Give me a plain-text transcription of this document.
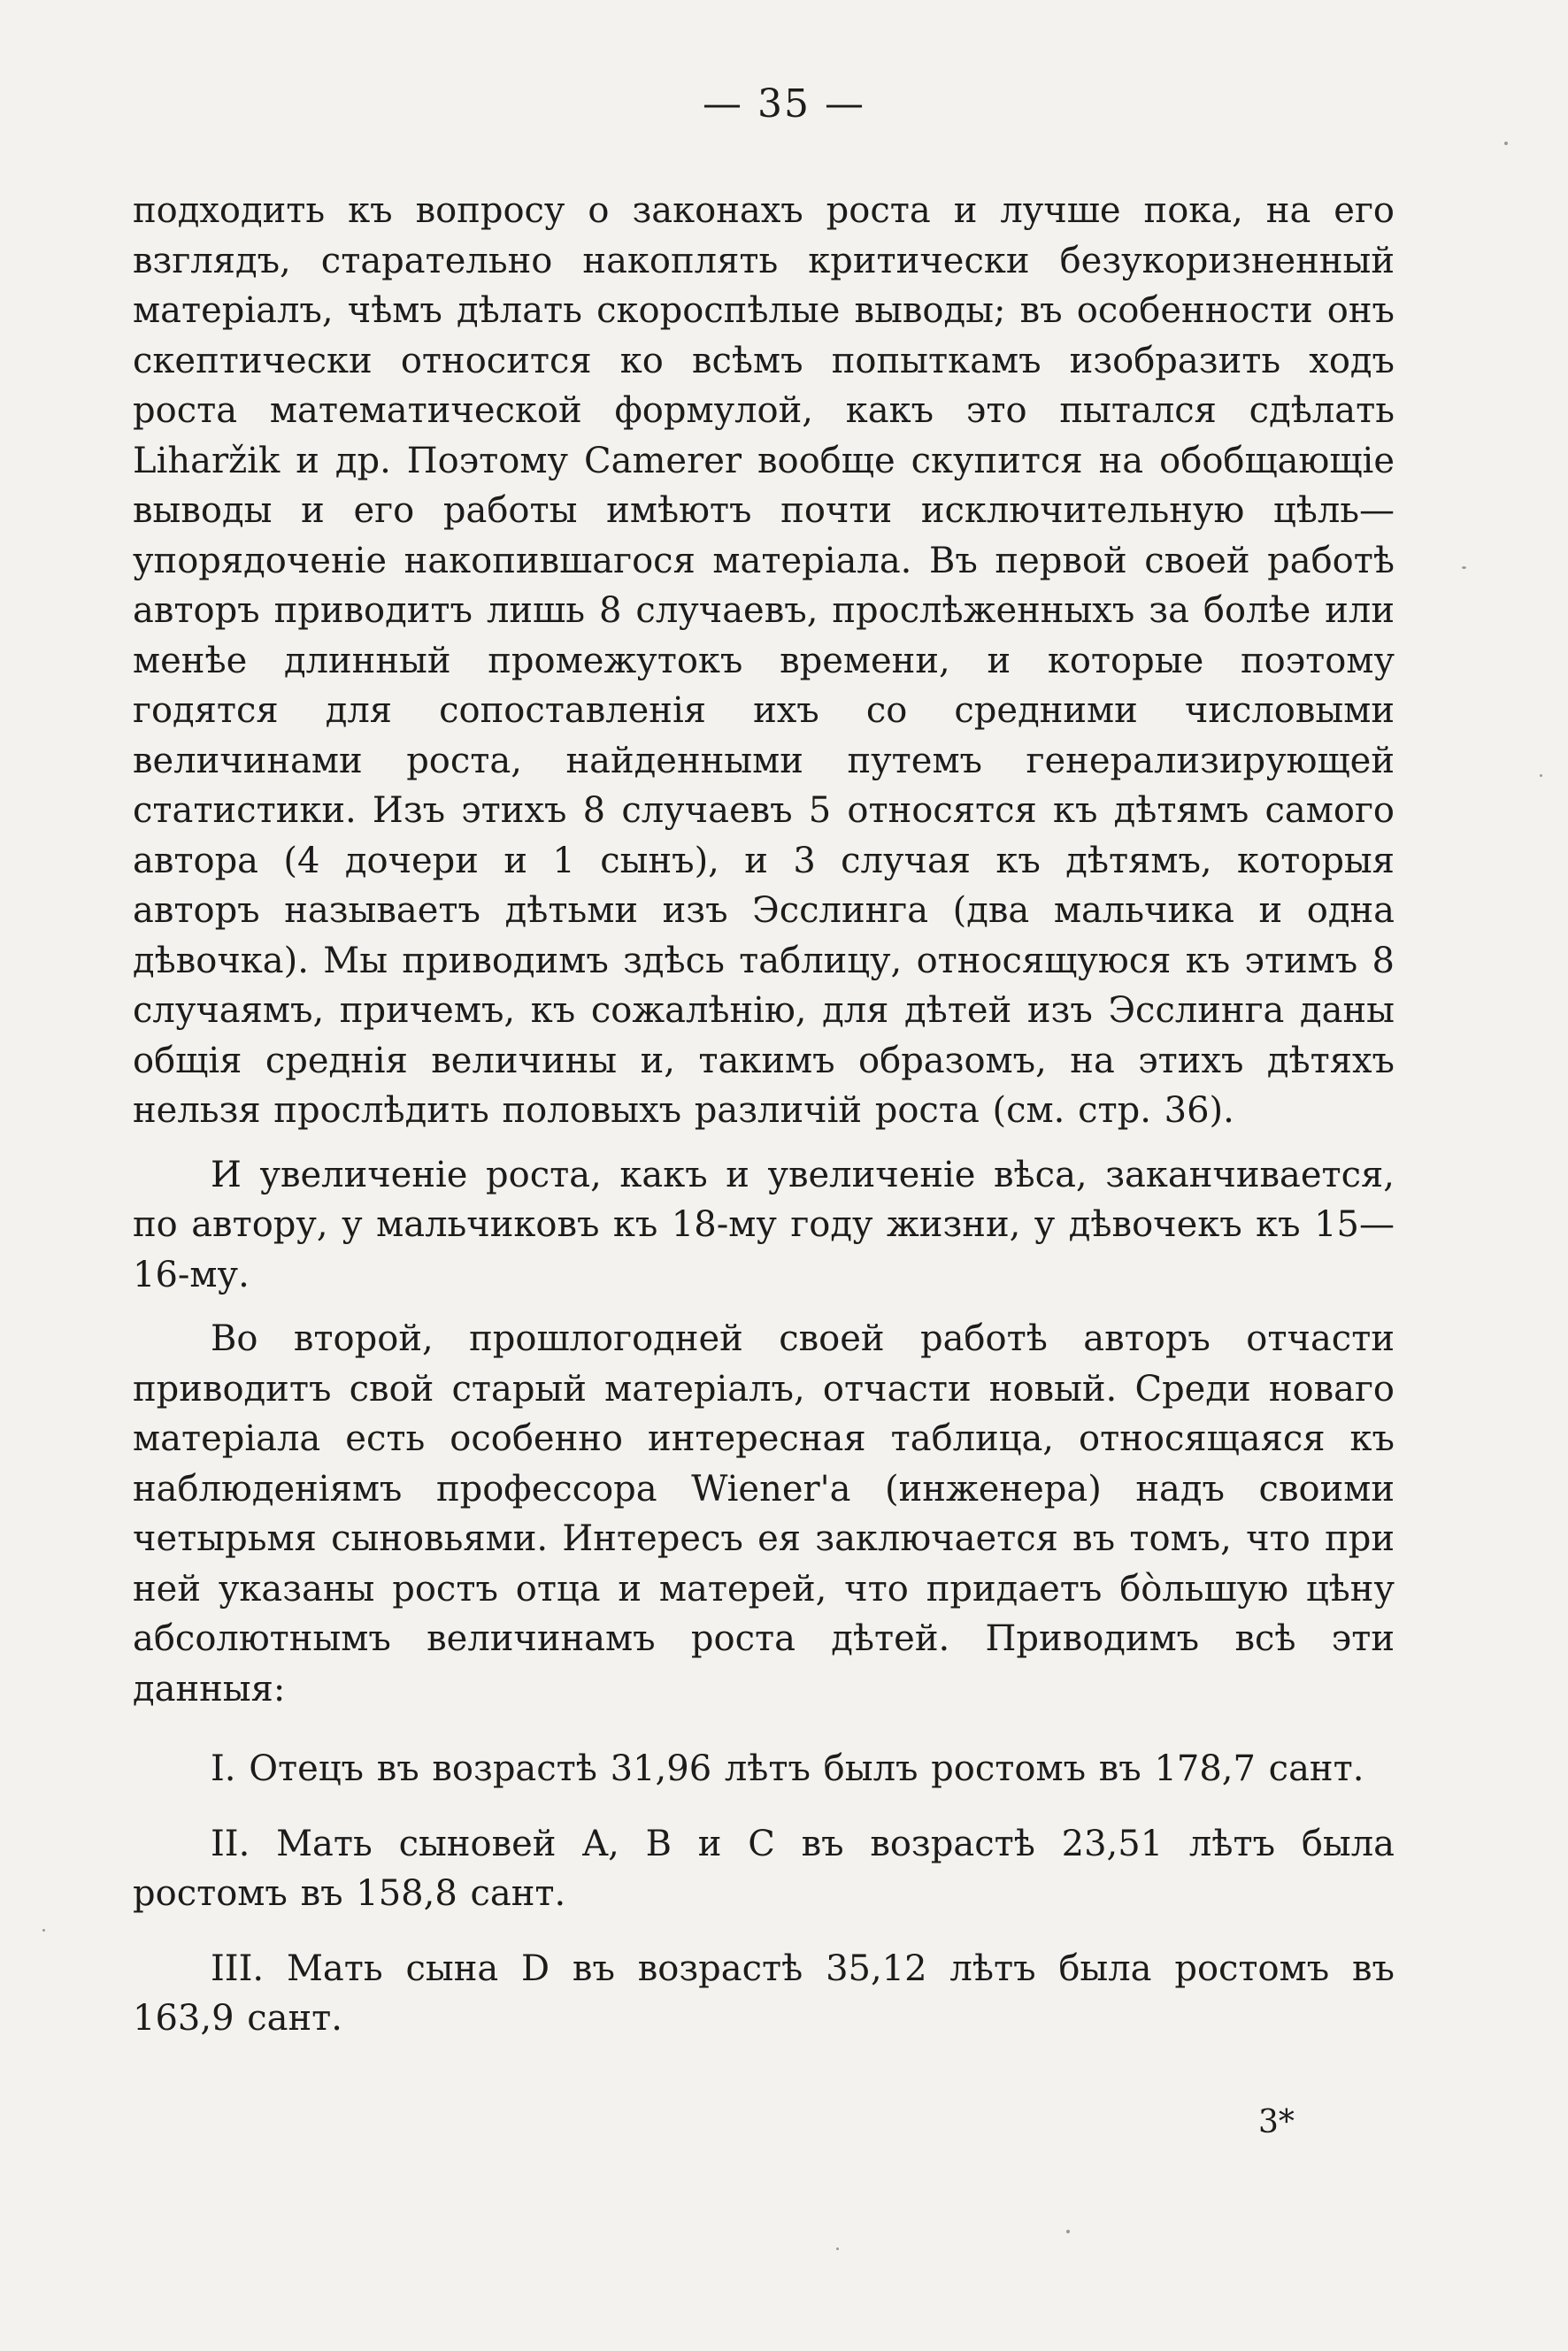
— 35 —

подходить къ вопросу о законахъ роста и лучше пока, на его взглядъ, старательно накоплять критически безукоризненный матеріалъ, чѣмъ дѣлать скороспѣлые выводы; въ особенности онъ скептически относится ко всѣмъ попыткамъ изобразить ходъ роста математической формулой, какъ это пытался сдѣлать Liharžik и др. Поэтому Camerer вообще скупится на обобщающіе выводы и его работы имѣютъ почти исключительную цѣль—упорядоченіе накопившагося матеріала. Въ первой своей работѣ авторъ приводитъ лишь 8 случаевъ, прослѣженныхъ за болѣе или менѣе длинный промежутокъ времени, и которые поэтому годятся для сопоставленія ихъ со средними числовыми величинами роста, найденными путемъ генерализирующей статистики. Изъ этихъ 8 случаевъ 5 относятся къ дѣтямъ самого автора (4 дочери и 1 сынъ), и 3 случая къ дѣтямъ, которыя авторъ называетъ дѣтьми изъ Эсслинга (два мальчика и одна дѣвочка). Мы приводимъ здѣсь таблицу, относящуюся къ этимъ 8 случаямъ, причемъ, къ сожалѣнію, для дѣтей изъ Эсслинга даны общія среднія величины и, такимъ образомъ, на этихъ дѣтяхъ нельзя прослѣдить половыхъ различій роста (см. стр. 36).

И увеличеніе роста, какъ и увеличеніе вѣса, заканчивается, по автору, у мальчиковъ къ 18-му году жизни, у дѣвочекъ къ 15—16-му.

Во второй, прошлогодней своей работѣ авторъ отчасти приводитъ свой старый матеріалъ, отчасти новый. Среди новаго матеріала есть особенно интересная таблица, относящаяся къ наблюденіямъ профессора Wiener'a (инженера) надъ своими четырьмя сыновьями. Интересъ ея заключается въ томъ, что при ней указаны ростъ отца и матерей, что придаетъ бо̀льшую цѣну абсолютнымъ величинамъ роста дѣтей. Приводимъ всѣ эти данныя:

I. Отецъ въ возрастѣ 31,96 лѣтъ былъ ростомъ въ 178,7 сант.

II. Мать сыновей A, B и C въ возрастѣ 23,51 лѣтъ была ростомъ въ 158,8 сант.

III. Мать сына D въ возрастѣ 35,12 лѣтъ была ростомъ въ 163,9 сант.

3*
